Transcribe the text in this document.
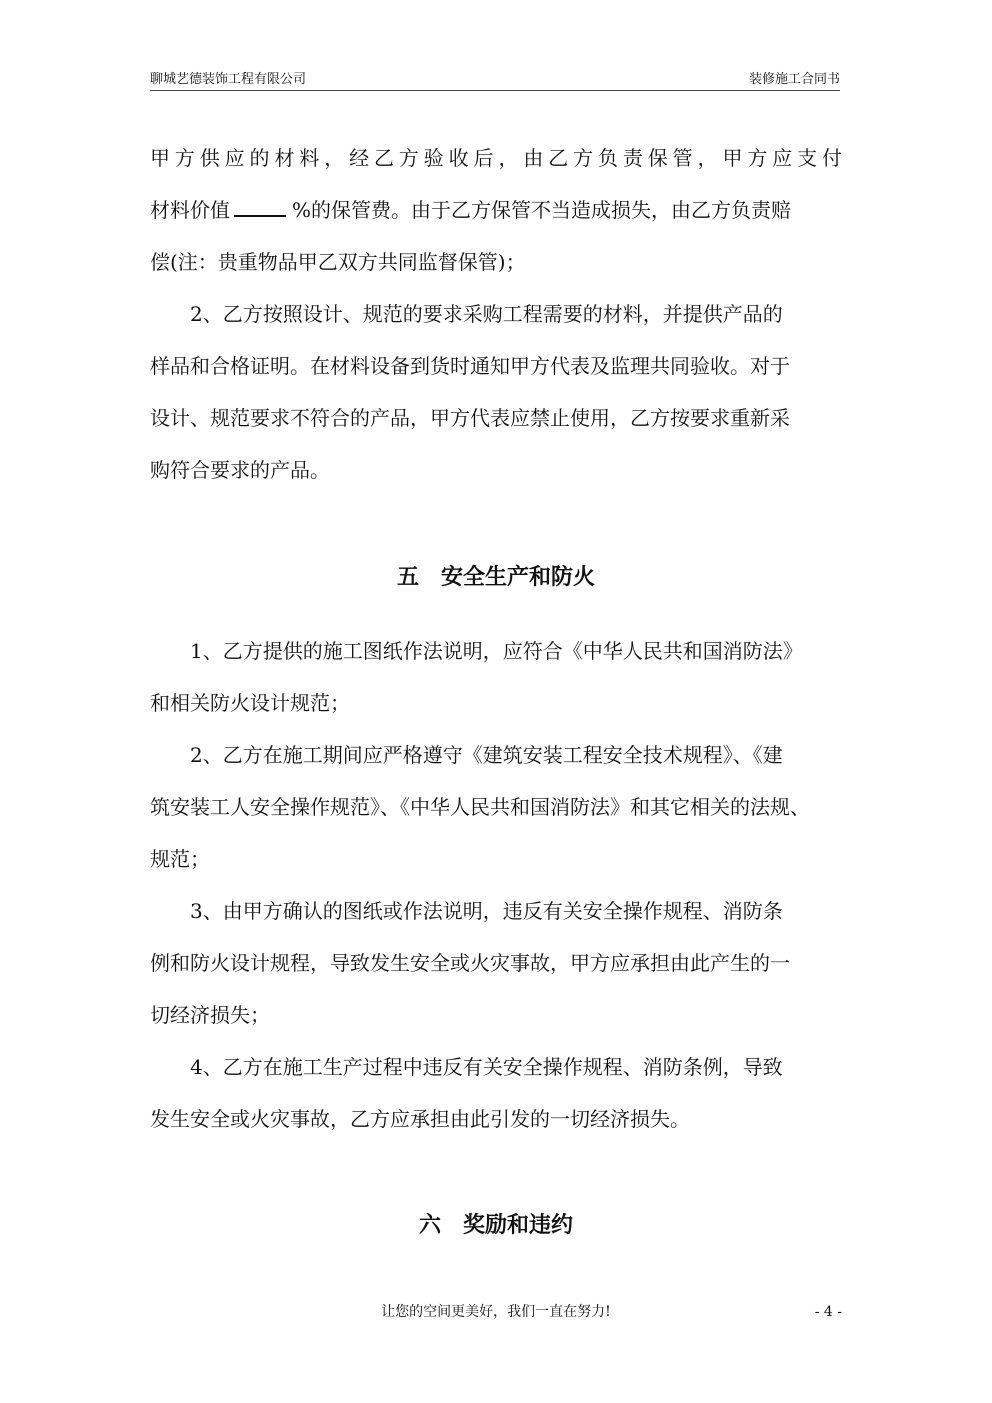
聊城艺德装饰工程有限公司	装修施工合同书
甲方供应的材料，经乙方验收后，由乙方负责保管，甲方应支付
材料价值	%的保管费。由于乙方保管不当造成损失，由乙方负责赔
偿(注：贵重物品甲乙双方共同监督保管)；
2、乙方按照设计、规范的要求采购工程需要的材料，并提供产品的
样品和合格证明。在材料设备到货时通知甲方代表及监理共同验收。对于
设计、规范要求不符合的产品，甲方代表应禁止使用，乙方按要求重新采
购符合要求的产品。
五 安全生产和防火
1、乙方提供的施工图纸作法说明，应符合《中华人民共和国消防法》
和相关防火设计规范；
2、乙方在施工期间应严格遵守《建筑安装工程安全技术规程》、《建
筑安装工人安全操作规范》、《中华人民共和国消防法》和其它相关的法规、
规范；
3、由甲方确认的图纸或作法说明，违反有关安全操作规程、消防条
例和防火设计规程，导致发生安全或火灾事故，甲方应承担由此产生的一
切经济损失；
4、乙方在施工生产过程中违反有关安全操作规程、消防条例，导致
发生安全或火灾事故，乙方应承担由此引发的一切经济损失。
六 奖励和违约
让您的空间更美好，我们一直在努力!	- 4 -
